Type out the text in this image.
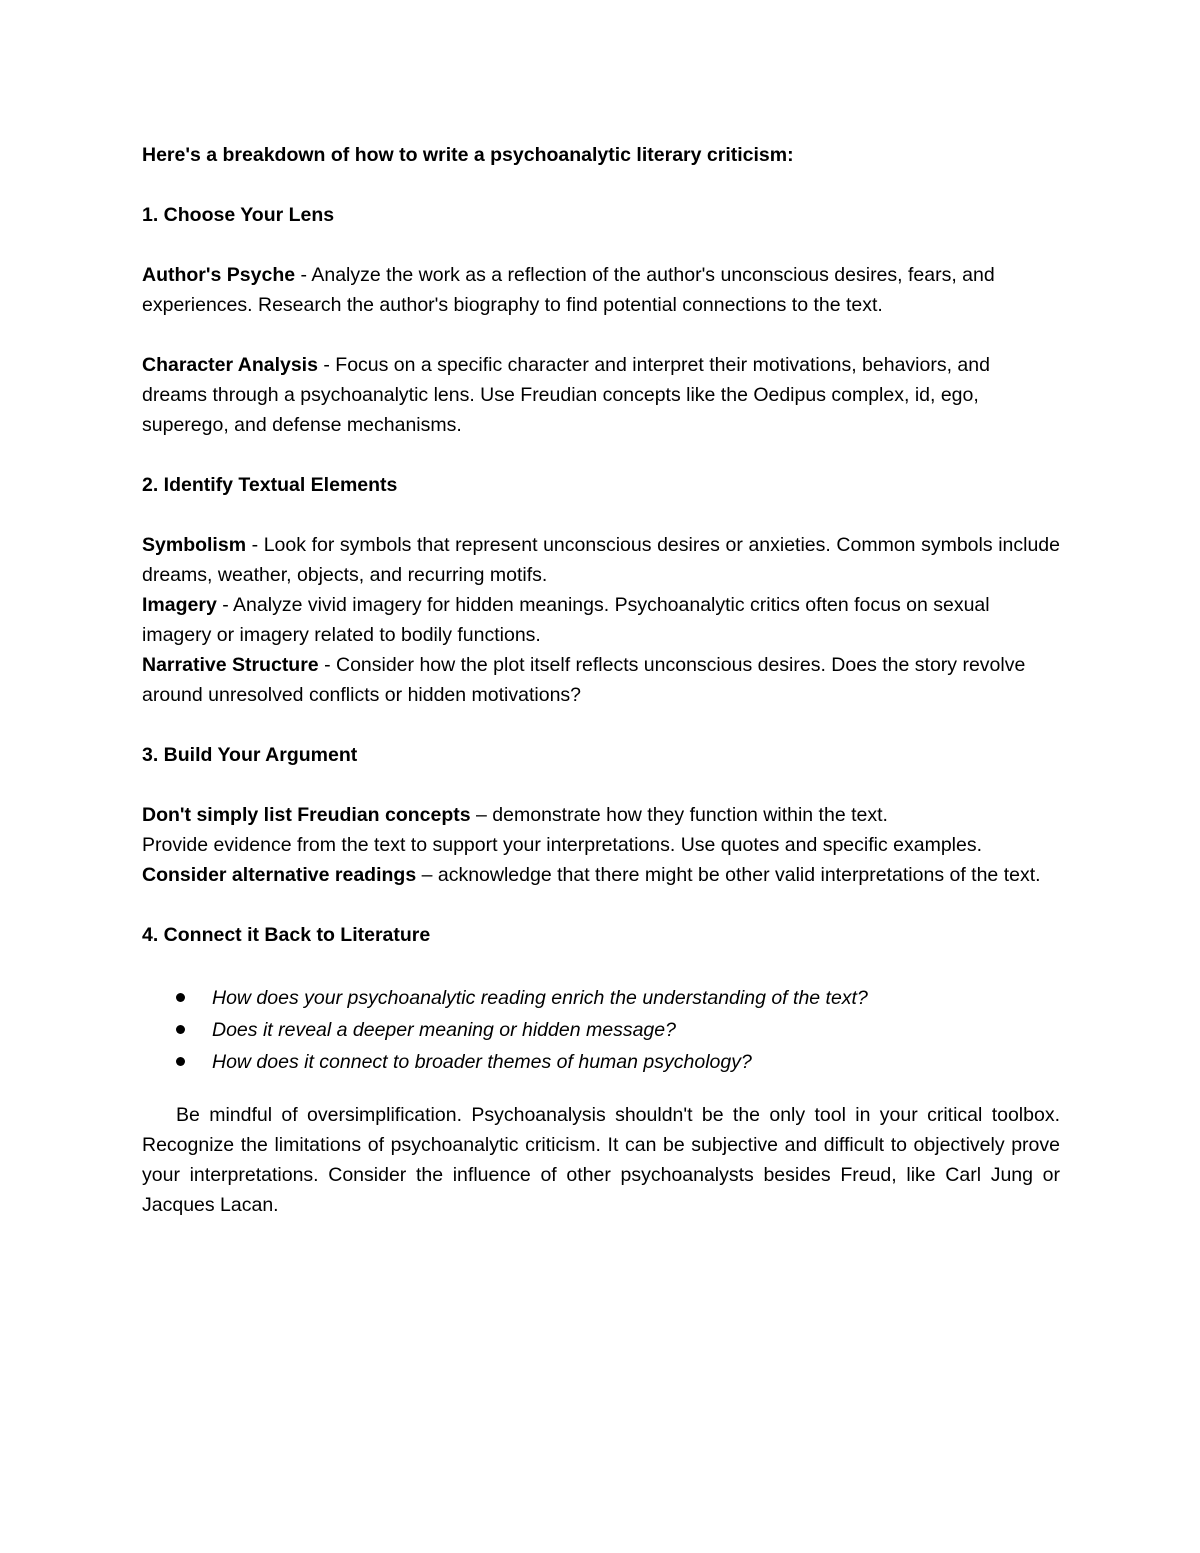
Here's a breakdown of how to write a psychoanalytic literary criticism:

1. Choose Your Lens

Author's Psyche - Analyze the work as a reflection of the author's unconscious desires, fears, and experiences. Research the author's biography to find potential connections to the text.

Character Analysis - Focus on a specific character and interpret their motivations, behaviors, and dreams through a psychoanalytic lens. Use Freudian concepts like the Oedipus complex, id, ego, superego, and defense mechanisms.

2. Identify Textual Elements

Symbolism - Look for symbols that represent unconscious desires or anxieties. Common symbols include dreams, weather, objects, and recurring motifs.

Imagery - Analyze vivid imagery for hidden meanings. Psychoanalytic critics often focus on sexual imagery or imagery related to bodily functions.

Narrative Structure - Consider how the plot itself reflects unconscious desires. Does the story revolve around unresolved conflicts or hidden motivations?

3. Build Your Argument

Don't simply list Freudian concepts – demonstrate how they function within the text.

Provide evidence from the text to support your interpretations. Use quotes and specific examples.

Consider alternative readings – acknowledge that there might be other valid interpretations of the text.

4. Connect it Back to Literature

How does your psychoanalytic reading enrich the understanding of the text?
Does it reveal a deeper meaning or hidden message?
How does it connect to broader themes of human psychology?

Be mindful of oversimplification. Psychoanalysis shouldn't be the only tool in your critical toolbox. Recognize the limitations of psychoanalytic criticism. It can be subjective and difficult to objectively prove your interpretations. Consider the influence of other psychoanalysts besides Freud, like Carl Jung or Jacques Lacan.
